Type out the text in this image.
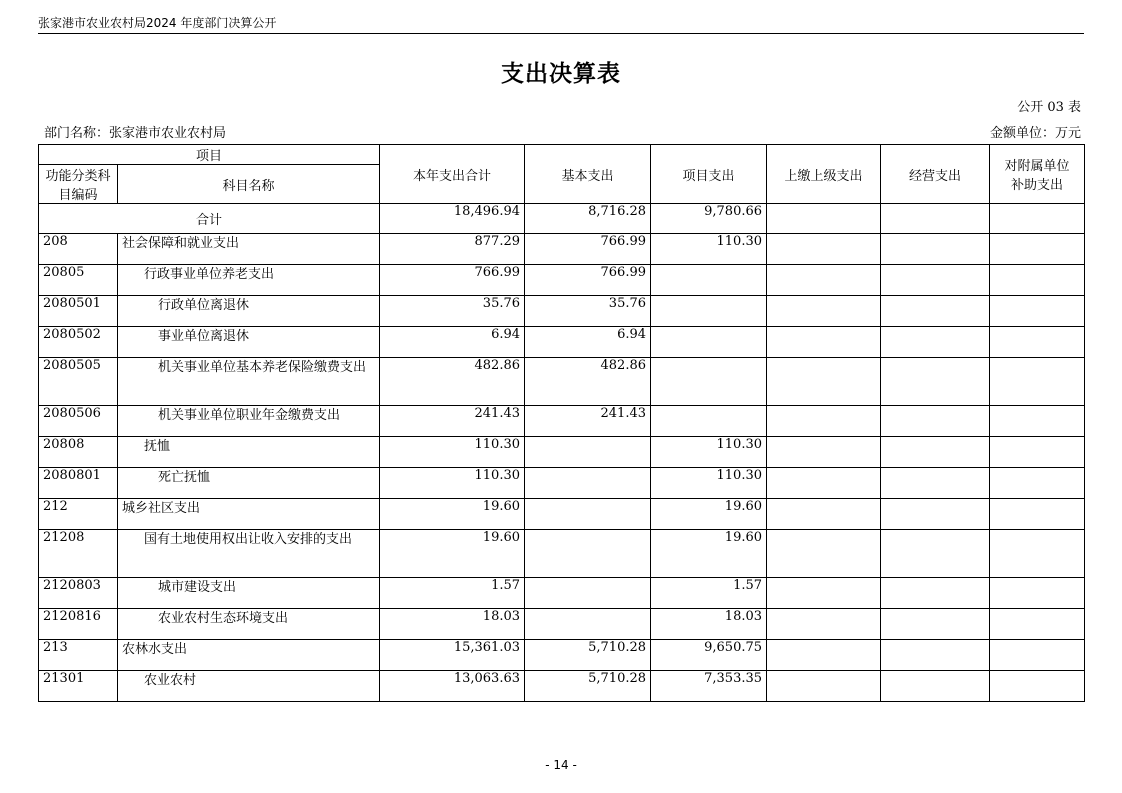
张家港市农业农村局2024 年度部门决算公开
支出决算表
公开 03 表
部门名称：张家港市农业农村局	金额单位：万元
项目		本年支出合计	基本支出	项目支出	上缴上级支出	经营支出	对附属单位补助支出
功能分类科目编码	科目名称						
合计		18,496.94	8,716.28	9,780.66			
208	社会保障和就业支出	877.29	766.99	110.30			
20805	行政事业单位养老支出	766.99	766.99				
2080501	行政单位离退休	35.76	35.76				
2080502	事业单位离退休	6.94	6.94				
2080505	机关事业单位基本养老保险缴费支出	482.86	482.86				
2080506	机关事业单位职业年金缴费支出	241.43	241.43				
20808	抚恤	110.30		110.30			
2080801	死亡抚恤	110.30		110.30			
212	城乡社区支出	19.60		19.60			
21208	国有土地使用权出让收入安排的支出	19.60		19.60			
2120803	城市建设支出	1.57		1.57			
2120816	农业农村生态环境支出	18.03		18.03			
213	农林水支出	15,361.03	5,710.28	9,650.75			
21301	农业农村	13,063.63	5,710.28	7,353.35			
- 14 -
